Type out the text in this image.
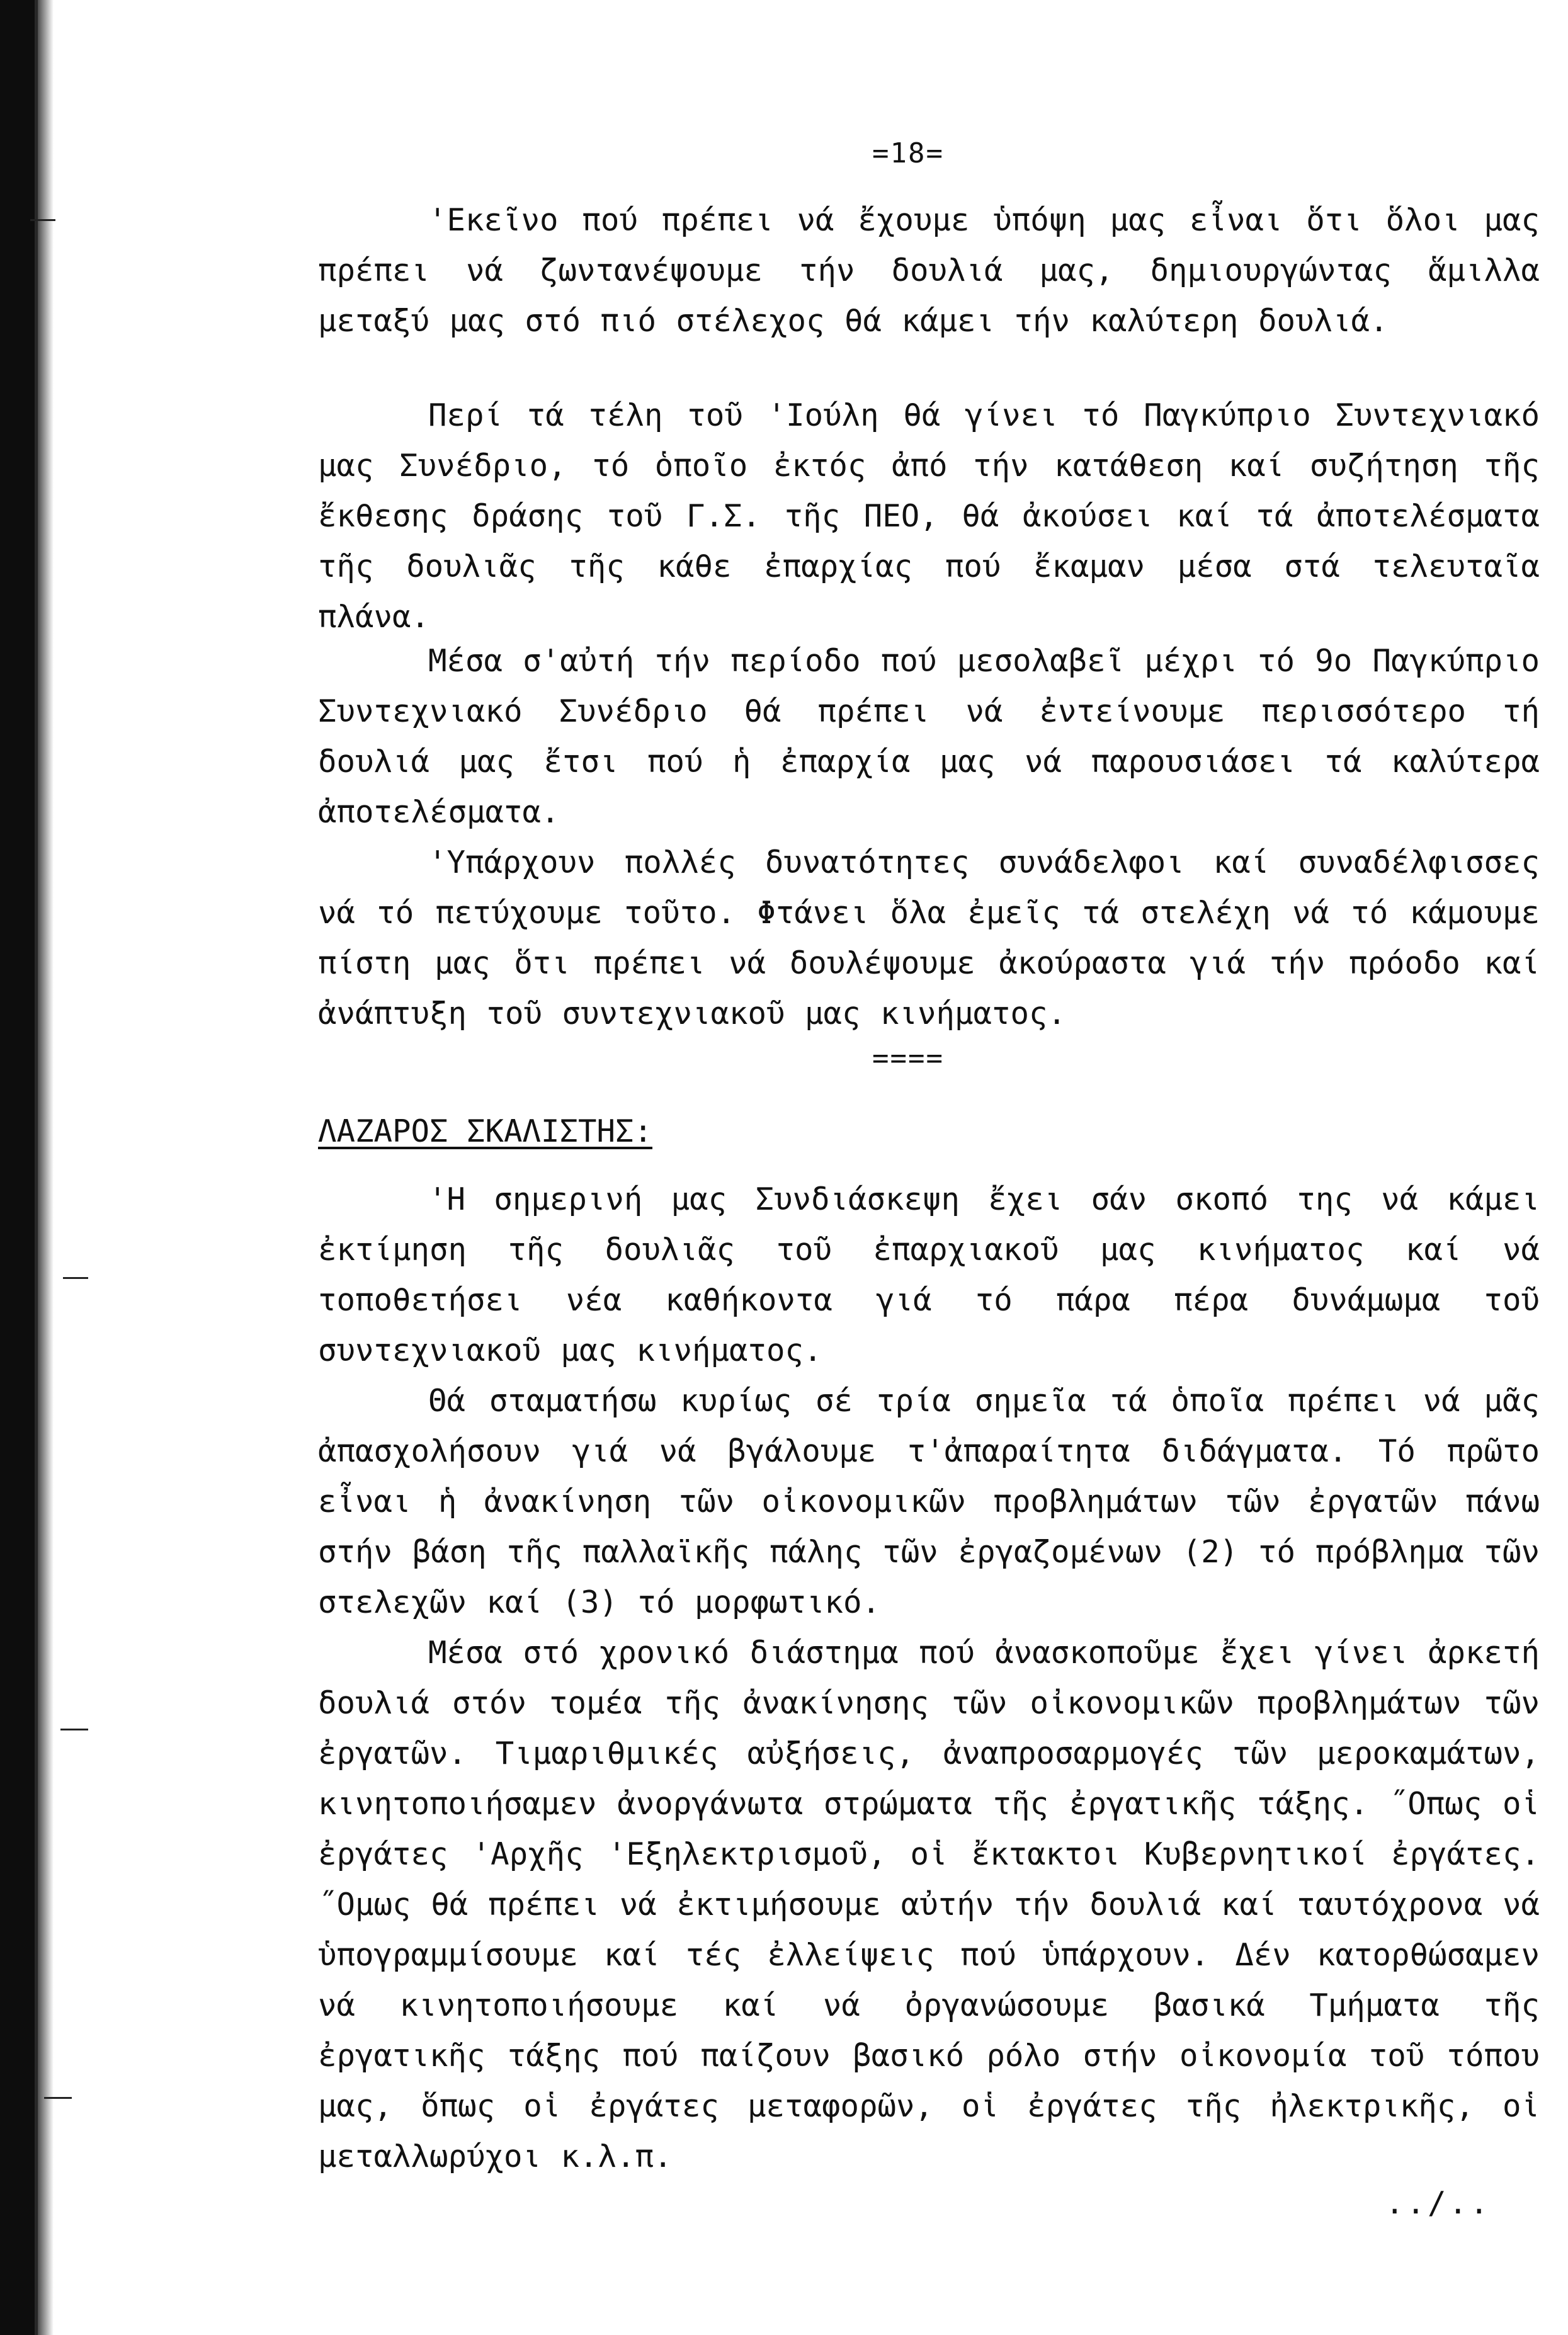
=18=

'Εκεῖνο πού πρέπει νά ἔχουμε ὑπόψη μας εἶναι ὅτι ὅλοι μας πρέπει νά ζωντανέψουμε τήν δουλιά μας, δημιουργώντας ἅμιλλα μεταξύ μας στό πιό στέλεχος θά κάμει τήν καλύτερη δουλιά.

Περί τά τέλη τοῦ 'Ιούλη θά γίνει τό Παγκύπριο Συντεχνιακό μας Συνέδριο, τό ὁποῖο ἐκτός ἀπό τήν κατάθεση καί συζήτηση τῆς ἔκθεσης δράσης τοῦ Γ.Σ. τῆς ΠΕΟ, θά ἀκούσει καί τά ἀποτελέσματα τῆς δουλιᾶς τῆς κάθε ἐπαρχίας πού ἔκαμαν μέσα στά τελευταῖα πλάνα.

Μέσα σ'αὐτή τήν περίοδο πού μεσολαβεῖ μέχρι τό 9ο Παγκύπριο Συντεχνιακό Συνέδριο θά πρέπει νά ἐντείνουμε περισσότερο τή δουλιά μας ἔτσι πού ἡ ἐπαρχία μας νά παρουσιάσει τά καλύτερα ἀποτελέσματα.

'Υπάρχουν πολλές δυνατότητες συνάδελφοι καί συναδέλφισσες νά τό πετύχουμε τοῦτο. Φτάνει ὅλα ἐμεῖς τά στελέχη νά τό κάμουμε πίστη μας ὅτι πρέπει νά δουλέψουμε ἀκούραστα γιά τήν πρόοδο καί ἀνάπτυξη τοῦ συντεχνιακοῦ μας κινήματος.

====
ΛΑΖΑΡΟΣ ΣΚΑΛΙΣΤΗΣ:

'Η σημερινή μας Συνδιάσκεψη ἔχει σάν σκοπό της νά κάμει ἐκτίμηση τῆς δουλιᾶς τοῦ ἐπαρχιακοῦ μας κινήματος καί νά τοποθετήσει νέα καθήκοντα γιά τό πάρα πέρα δυνάμωμα τοῦ συντεχνιακοῦ μας κινήματος.

Θά σταματήσω κυρίως σέ τρία σημεῖα τά ὁποῖα πρέπει νά μᾶς ἀπασχολήσουν γιά νά βγάλουμε τ'ἀπαραίτητα διδάγματα. Τό πρῶτο εἶναι ἡ ἀνακίνηση τῶν οἰκονομικῶν προβλημάτων τῶν ἐργατῶν πάνω στήν βάση τῆς παλλαϊκῆς πάλης τῶν ἐργαζομένων (2) τό πρόβλημα τῶν στελεχῶν καί (3) τό μορφωτικό.

Μέσα στό χρονικό διάστημα πού ἀνασκοποῦμε ἔχει γίνει ἀρκετή δουλιά στόν τομέα τῆς ἀνακίνησης τῶν οἰκονομικῶν προβλημάτων τῶν ἐργατῶν. Τιμαριθμικές αὐξήσεις, ἀναπροσαρμογές τῶν μεροκαμάτων, κινητοποιήσαμεν ἀνοργάνωτα στρώματα τῆς ἐργατικῆς τάξης. ˝Οπως οἱ ἐργάτες 'Αρχῆς 'Εξηλεκτρισμοῦ, οἱ ἔκτακτοι Κυβερνητικοί ἐργάτες. ˝Ομως θά πρέπει νά ἐκτιμήσουμε αὐτήν τήν δουλιά καί ταυτόχρονα νά ὑπογραμμίσουμε καί τές ἐλλείψεις πού ὑπάρχουν. Δέν κατορθώσαμεν νά κινητοποιήσουμε καί νά ὀργανώσουμε βασικά Τμήματα τῆς ἐργατικῆς τάξης πού παίζουν βασικό ρόλο στήν οἰκονομία τοῦ τόπου μας, ὅπως οἱ ἐργάτες μεταφορῶν, οἱ ἐργάτες τῆς ἠλεκτρικῆς, οἱ μεταλλωρύχοι κ.λ.π.

../..
